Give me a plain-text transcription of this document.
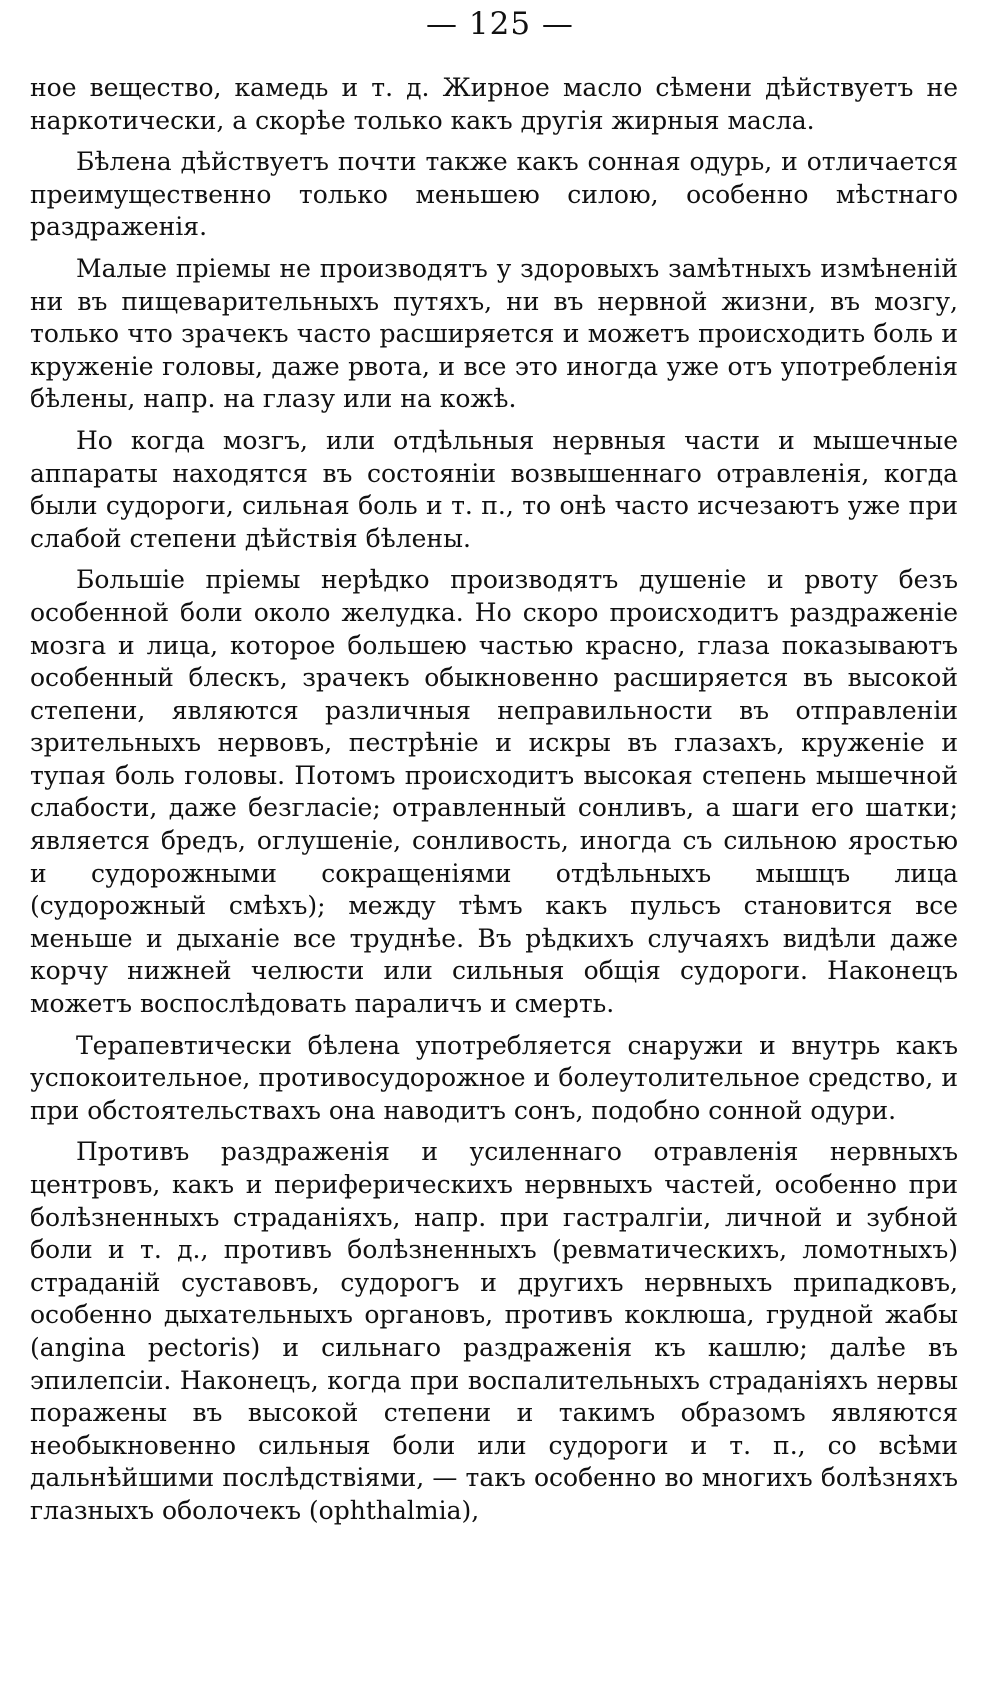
— 125 —

ное вещество, камедь и т. д. Жирное масло сѣмени дѣйствуетъ не наркотически, а скорѣе только какъ другія жирныя масла.

Бѣлена дѣйствуетъ почти также какъ сонная одурь, и отличается преимущественно только меньшею силою, особенно мѣстнаго раздраженія.

Малые пріемы не производятъ у здоровыхъ замѣтныхъ измѣненій ни въ пищеварительныхъ путяхъ, ни въ нервной жизни, въ мозгу, только что зрачекъ часто расширяется и можетъ происходить боль и круженіе головы, даже рвота, и все это иногда уже отъ употребленія бѣлены, напр. на глазу или на кожѣ.

Но когда мозгъ, или отдѣльныя нервныя части и мышечные аппараты находятся въ состояніи возвышеннаго отравленія, когда были судороги, сильная боль и т. п., то онѣ часто исчезаютъ уже при слабой степени дѣйствія бѣлены.

Большіе пріемы нерѣдко производятъ душеніе и рвоту безъ особенной боли около желудка. Но скоро происходитъ раздраженіе мозга и лица, которое большею частью красно, глаза показываютъ особенный блескъ, зрачекъ обыкновенно расширяется въ высокой степени, являются различныя неправильности въ отправленіи зрительныхъ нервовъ, пестрѣніе и искры въ глазахъ, круженіе и тупая боль головы. Потомъ происходитъ высокая степень мышечной слабости, даже безгласіе; отравленный сонливъ, а шаги его шатки; является бредъ, оглушеніе, сонливость, иногда съ сильною яростью и судорожными сокращеніями отдѣльныхъ мышцъ лица (судорожный смѣхъ); между тѣмъ какъ пульсъ становится все меньше и дыханіе все труднѣе. Въ рѣдкихъ случаяхъ видѣли даже корчу нижней челюсти или сильныя общія судороги. Наконецъ можетъ воспослѣдовать параличъ и смерть.

Терапевтически бѣлена употребляется снаружи и внутрь какъ успокоительное, противосудорожное и болеутолительное средство, и при обстоятельствахъ она наводитъ сонъ, подобно сонной одури.

Противъ раздраженія и усиленнаго отравленія нервныхъ центровъ, какъ и периферическихъ нервныхъ частей, особенно при болѣзненныхъ страданіяхъ, напр. при гастралгіи, личной и зубной боли и т. д., противъ болѣзненныхъ (ревматическихъ, ломотныхъ) страданій суставовъ, судорогъ и другихъ нервныхъ припадковъ, особенно дыхательныхъ органовъ, противъ коклюша, грудной жабы (angina pectoris) и сильнаго раздраженія къ кашлю; далѣе въ эпилепсіи. Наконецъ, когда при воспалительныхъ страданіяхъ нервы поражены въ высокой степени и такимъ образомъ являются необыкновенно сильныя боли или судороги и т. п., со всѣми дальнѣйшими послѣдствіями, — такъ особенно во многихъ болѣзняхъ глазныхъ оболочекъ (ophthalmia),
